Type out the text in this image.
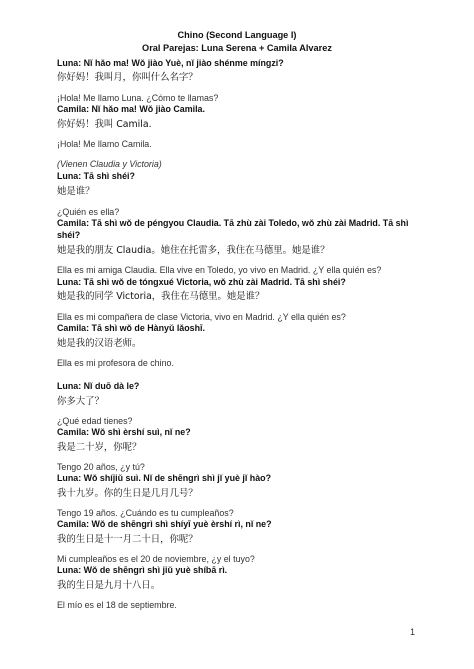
Chino (Second Language I)
Oral Parejas: Luna Serena + Camila Alvarez
Luna: Nǐ hǎo ma! Wǒ jiào Yuè, nǐ jiào shénme míngzi?
你好妈！我叫月，你叫什么名字？
¡Hola! Me llamo Luna. ¿Cómo te llamas?
Camila: Nǐ hǎo ma! Wǒ jiào Camila.
你好妈！我叫 Camila.
¡Hola! Me llamo Camila.
(Vienen Claudia y Victoria)
Luna: Tā shì shéi?
她是谁？
¿Quién es ella?
Camila: Tā shì wǒ de péngyou Claudia. Tā zhù zài Toledo, wǒ zhù zài Madrid. Tā shì shéi?
她是我的朋友 Claudia。她住在托雷多，我住在马德里。她是谁？
Ella es mi amiga Claudia. Ella vive en Toledo, yo vivo en Madrid. ¿Y ella quién es?
Luna: Tā shì wǒ de tóngxué Victoria, wǒ zhù zài Madrid. Tā shì shéi?
她是我的同学 Victoria，我住在马德里。她是谁？
Ella es mi compañera de clase Victoria, vivo en Madrid. ¿Y ella quién es?
Camila: Tā shì wǒ de Hànyǔ lǎoshī.
她是我的汉语老师。
Ella es mi profesora de chino.
Luna: Nǐ duō dà le?
你多大了？
¿Qué edad tienes?
Camila: Wǒ shì èrshí suì, nǐ ne?
我是二十岁，你呢？
Tengo 20 años, ¿y tú?
Luna: Wǒ shíjiǔ suì. Nǐ de shēngrì shì jǐ yuè jǐ hào?
我十九岁。你的生日是几月几号？
Tengo 19 años. ¿Cuándo es tu cumpleaños?
Camila: Wǒ de shēngrì shì shíyī yuè èrshí rì, nǐ ne?
我的生日是十一月二十日，你呢？
Mi cumpleaños es el 20 de noviembre, ¿y el tuyo?
Luna: Wǒ de shēngrì shì jiǔ yuè shíbā rì.
我的生日是九月十八日。
El mío es el 18 de septiembre.
1
